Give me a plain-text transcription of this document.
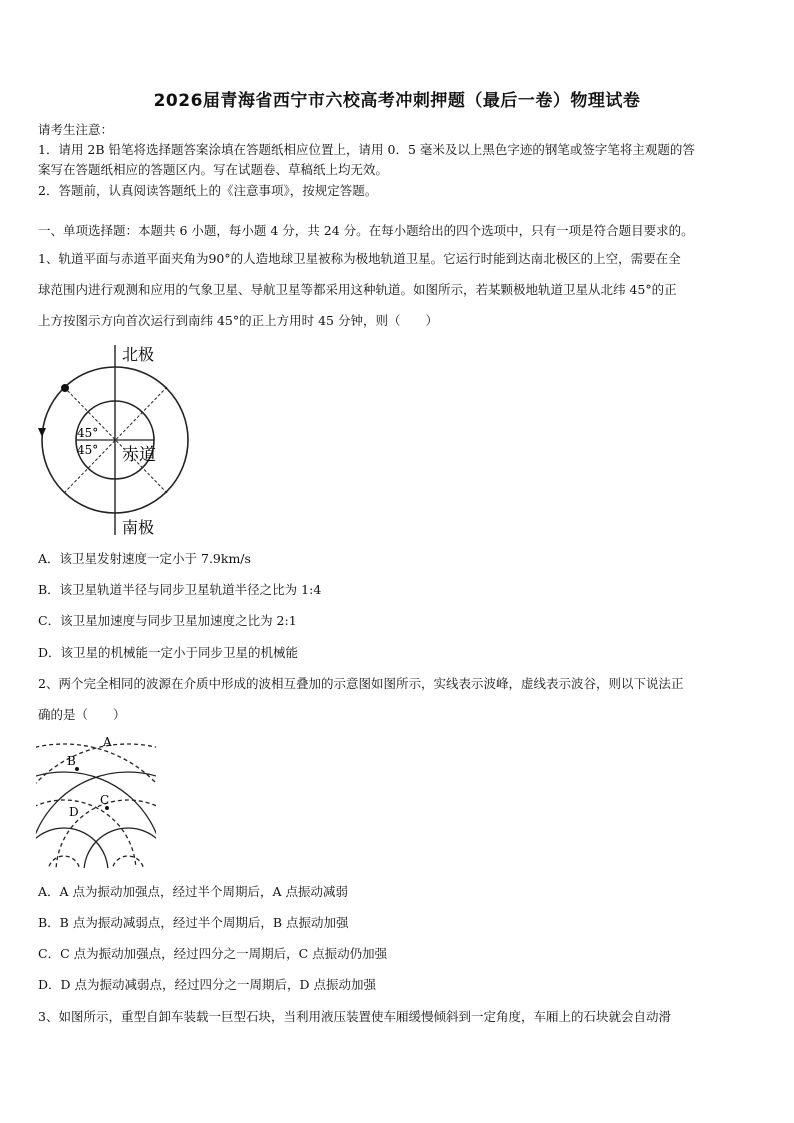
2026届青海省西宁市六校高考冲刺押题（最后一卷）物理试卷
请考生注意：
1．请用 2B 铅笔将选择题答案涂填在答题纸相应位置上，请用 0．5 毫米及以上黑色字迹的钢笔或签字笔将主观题的答
案写在答题纸相应的答题区内。写在试题卷、草稿纸上均无效。
2．答题前，认真阅读答题纸上的《注意事项》，按规定答题。
一、单项选择题：本题共 6 小题，每小题 4 分，共 24 分。在每小题给出的四个选项中，只有一项是符合题目要求的。
1、轨道平面与赤道平面夹角为90°的人造地球卫星被称为极地轨道卫星。它运行时能到达南北极区的上空，需要在全
球范围内进行观测和应用的气象卫星、导航卫星等都采用这种轨道。如图所示，若某颗极地轨道卫星从北纬 45°的正
上方按图示方向首次运行到南纬 45°的正上方用时 45 分钟，则（　　）
北极
南极
赤道
45°
45°
A．该卫星发射速度一定小于 7.9km/s
B．该卫星轨道半径与同步卫星轨道半径之比为 1:4
C．该卫星加速度与同步卫星加速度之比为 2:1
D．该卫星的机械能一定小于同步卫星的机械能
2、两个完全相同的波源在介质中形成的波相互叠加的示意图如图所示，实线表示波峰，虚线表示波谷，则以下说法正
确的是（　　）
A
B
C
D
A．A 点为振动加强点，经过半个周期后，A 点振动减弱
B．B 点为振动减弱点，经过半个周期后，B 点振动加强
C．C 点为振动加强点，经过四分之一周期后，C 点振动仍加强
D．D 点为振动减弱点，经过四分之一周期后，D 点振动加强
3、如图所示，重型自卸车装载一巨型石块，当利用液压装置使车厢缓慢倾斜到一定角度，车厢上的石块就会自动滑
